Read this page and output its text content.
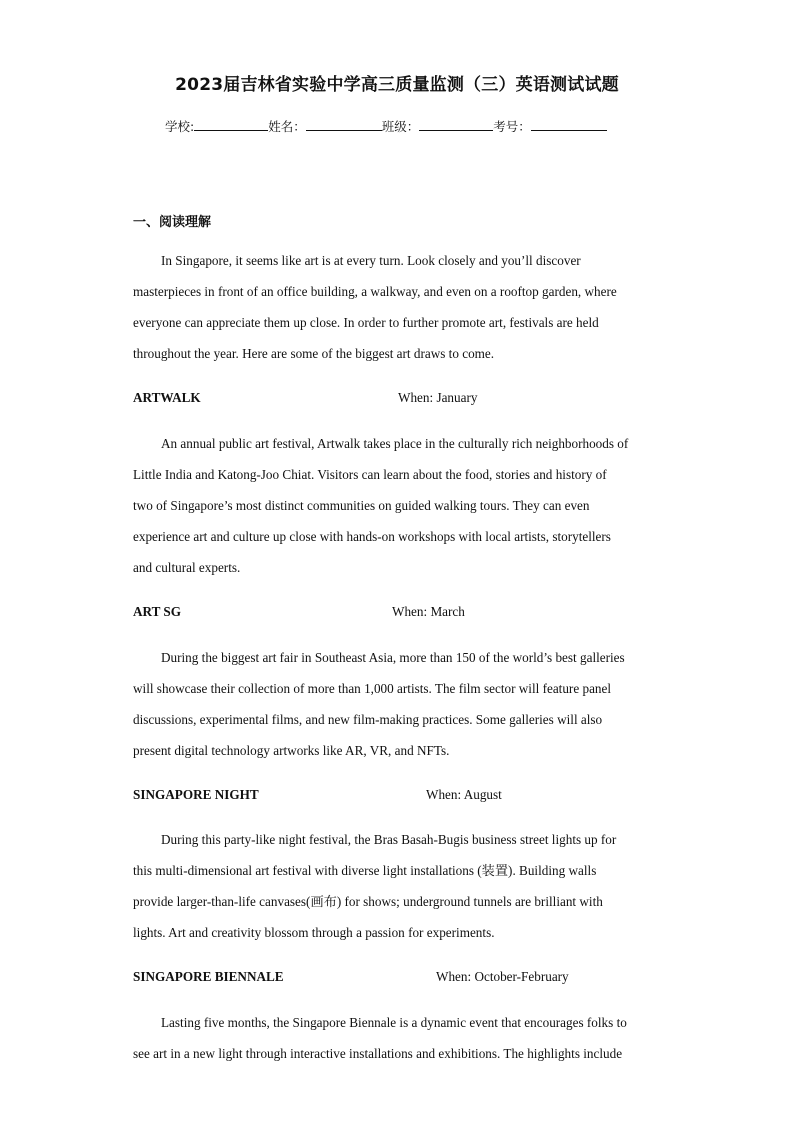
2023届吉林省实验中学高三质量监测（三）英语测试试题
学校:	姓名：	班级：	考号：
一、阅读理解
In Singapore, it seems like art is at every turn. Look closely and you’ll discover
masterpieces in front of an office building, a walkway, and even on a rooftop garden, where
everyone can appreciate them up close. In order to further promote art, festivals are held
throughout the year. Here are some of the biggest art draws to come.
ARTWALK	When: January
An annual public art festival, Artwalk takes place in the culturally rich neighborhoods of
Little India and Katong-Joo Chiat. Visitors can learn about the food, stories and history of
two of Singapore’s most distinct communities on guided walking tours. They can even
experience art and culture up close with hands-on workshops with local artists, storytellers
and cultural experts.
ART SG	When: March
During the biggest art fair in Southeast Asia, more than 150 of the world’s best galleries
will showcase their collection of more than 1,000 artists. The film sector will feature panel
discussions, experimental films, and new film-making practices. Some galleries will also
present digital technology artworks like AR, VR, and NFTs.
SINGAPORE NIGHT	When: August
During this party-like night festival, the Bras Basah-Bugis business street lights up for
this multi-dimensional art festival with diverse light installations (装置). Building walls
provide larger-than-life canvases(画布) for shows; underground tunnels are brilliant with
lights. Art and creativity blossom through a passion for experiments.
SINGAPORE BIENNALE	When: October-February
Lasting five months, the Singapore Biennale is a dynamic event that encourages folks to
see art in a new light through interactive installations and exhibitions. The highlights include
